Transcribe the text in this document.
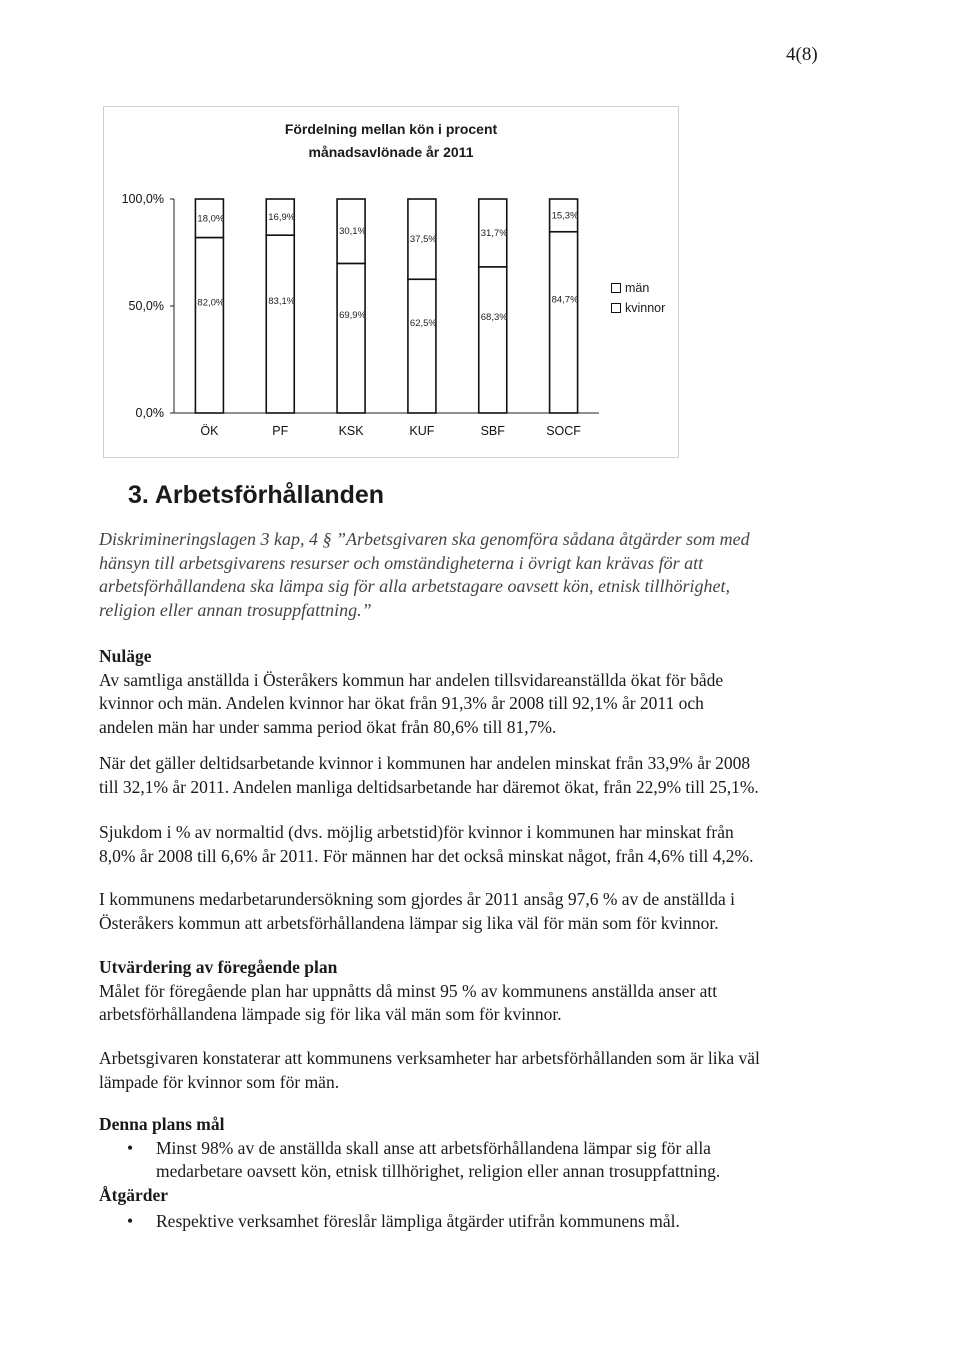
4(8)
Fördelning mellan kön i procent
månadsavlönade år 2011
100,0%
50,0%
0,0%
82,0%
18,0%
ÖK
83,1%
16,9%
PF
69,9%
30,1%
KSK
62,5%
37,5%
KUF
68,3%
31,7%
SBF
84,7%
15,3%
SOCF
män
kvinnor
3. Arbetsförhållanden

Diskrimineringslagen 3 kap, 4 § ”Arbetsgivaren ska genomföra sådana åtgärder som med

hänsyn till arbetsgivarens resurser och omständigheterna i övrigt kan krävas för att

arbetsförhållandena ska lämpa sig för alla arbetstagare oavsett kön, etnisk tillhörighet,

religion eller annan trosuppfattning.”

Nuläge

Av samtliga anställda i Österåkers kommun har andelen tillsvidareanställda ökat för både

kvinnor och män. Andelen kvinnor har ökat från 91,3% år 2008 till 92,1% år 2011 och

andelen män har under samma period ökat från 80,6% till 81,7%.

När det gäller deltidsarbetande kvinnor i kommunen har andelen minskat från 33,9% år 2008

till 32,1% år 2011. Andelen manliga deltidsarbetande har däremot ökat, från 22,9% till 25,1%.

Sjukdom i % av normaltid (dvs. möjlig arbetstid)för kvinnor i kommunen har minskat från

8,0% år 2008 till 6,6% år 2011. För männen har det också minskat något, från 4,6% till 4,2%.

I kommunens medarbetarundersökning som gjordes år 2011 ansåg 97,6 % av de anställda i

Österåkers kommun att arbetsförhållandena lämpar sig lika väl för män som för kvinnor.

Utvärdering av föregående plan

Målet för föregående plan har uppnåtts då minst 95 % av kommunens anställda anser att

arbetsförhållandena lämpade sig för lika väl män som för kvinnor.

Arbetsgivaren konstaterar att kommunens verksamheter har arbetsförhållanden som är lika väl

lämpade för kvinnor som för män.

Denna plans mål

• Minst 98% av de anställda skall anse att arbetsförhållandena lämpar sig för alla

medarbetare oavsett kön, etnisk tillhörighet, religion eller annan trosuppfattning.

Åtgärder

• Respektive verksamhet föreslår lämpliga åtgärder utifrån kommunens mål.
